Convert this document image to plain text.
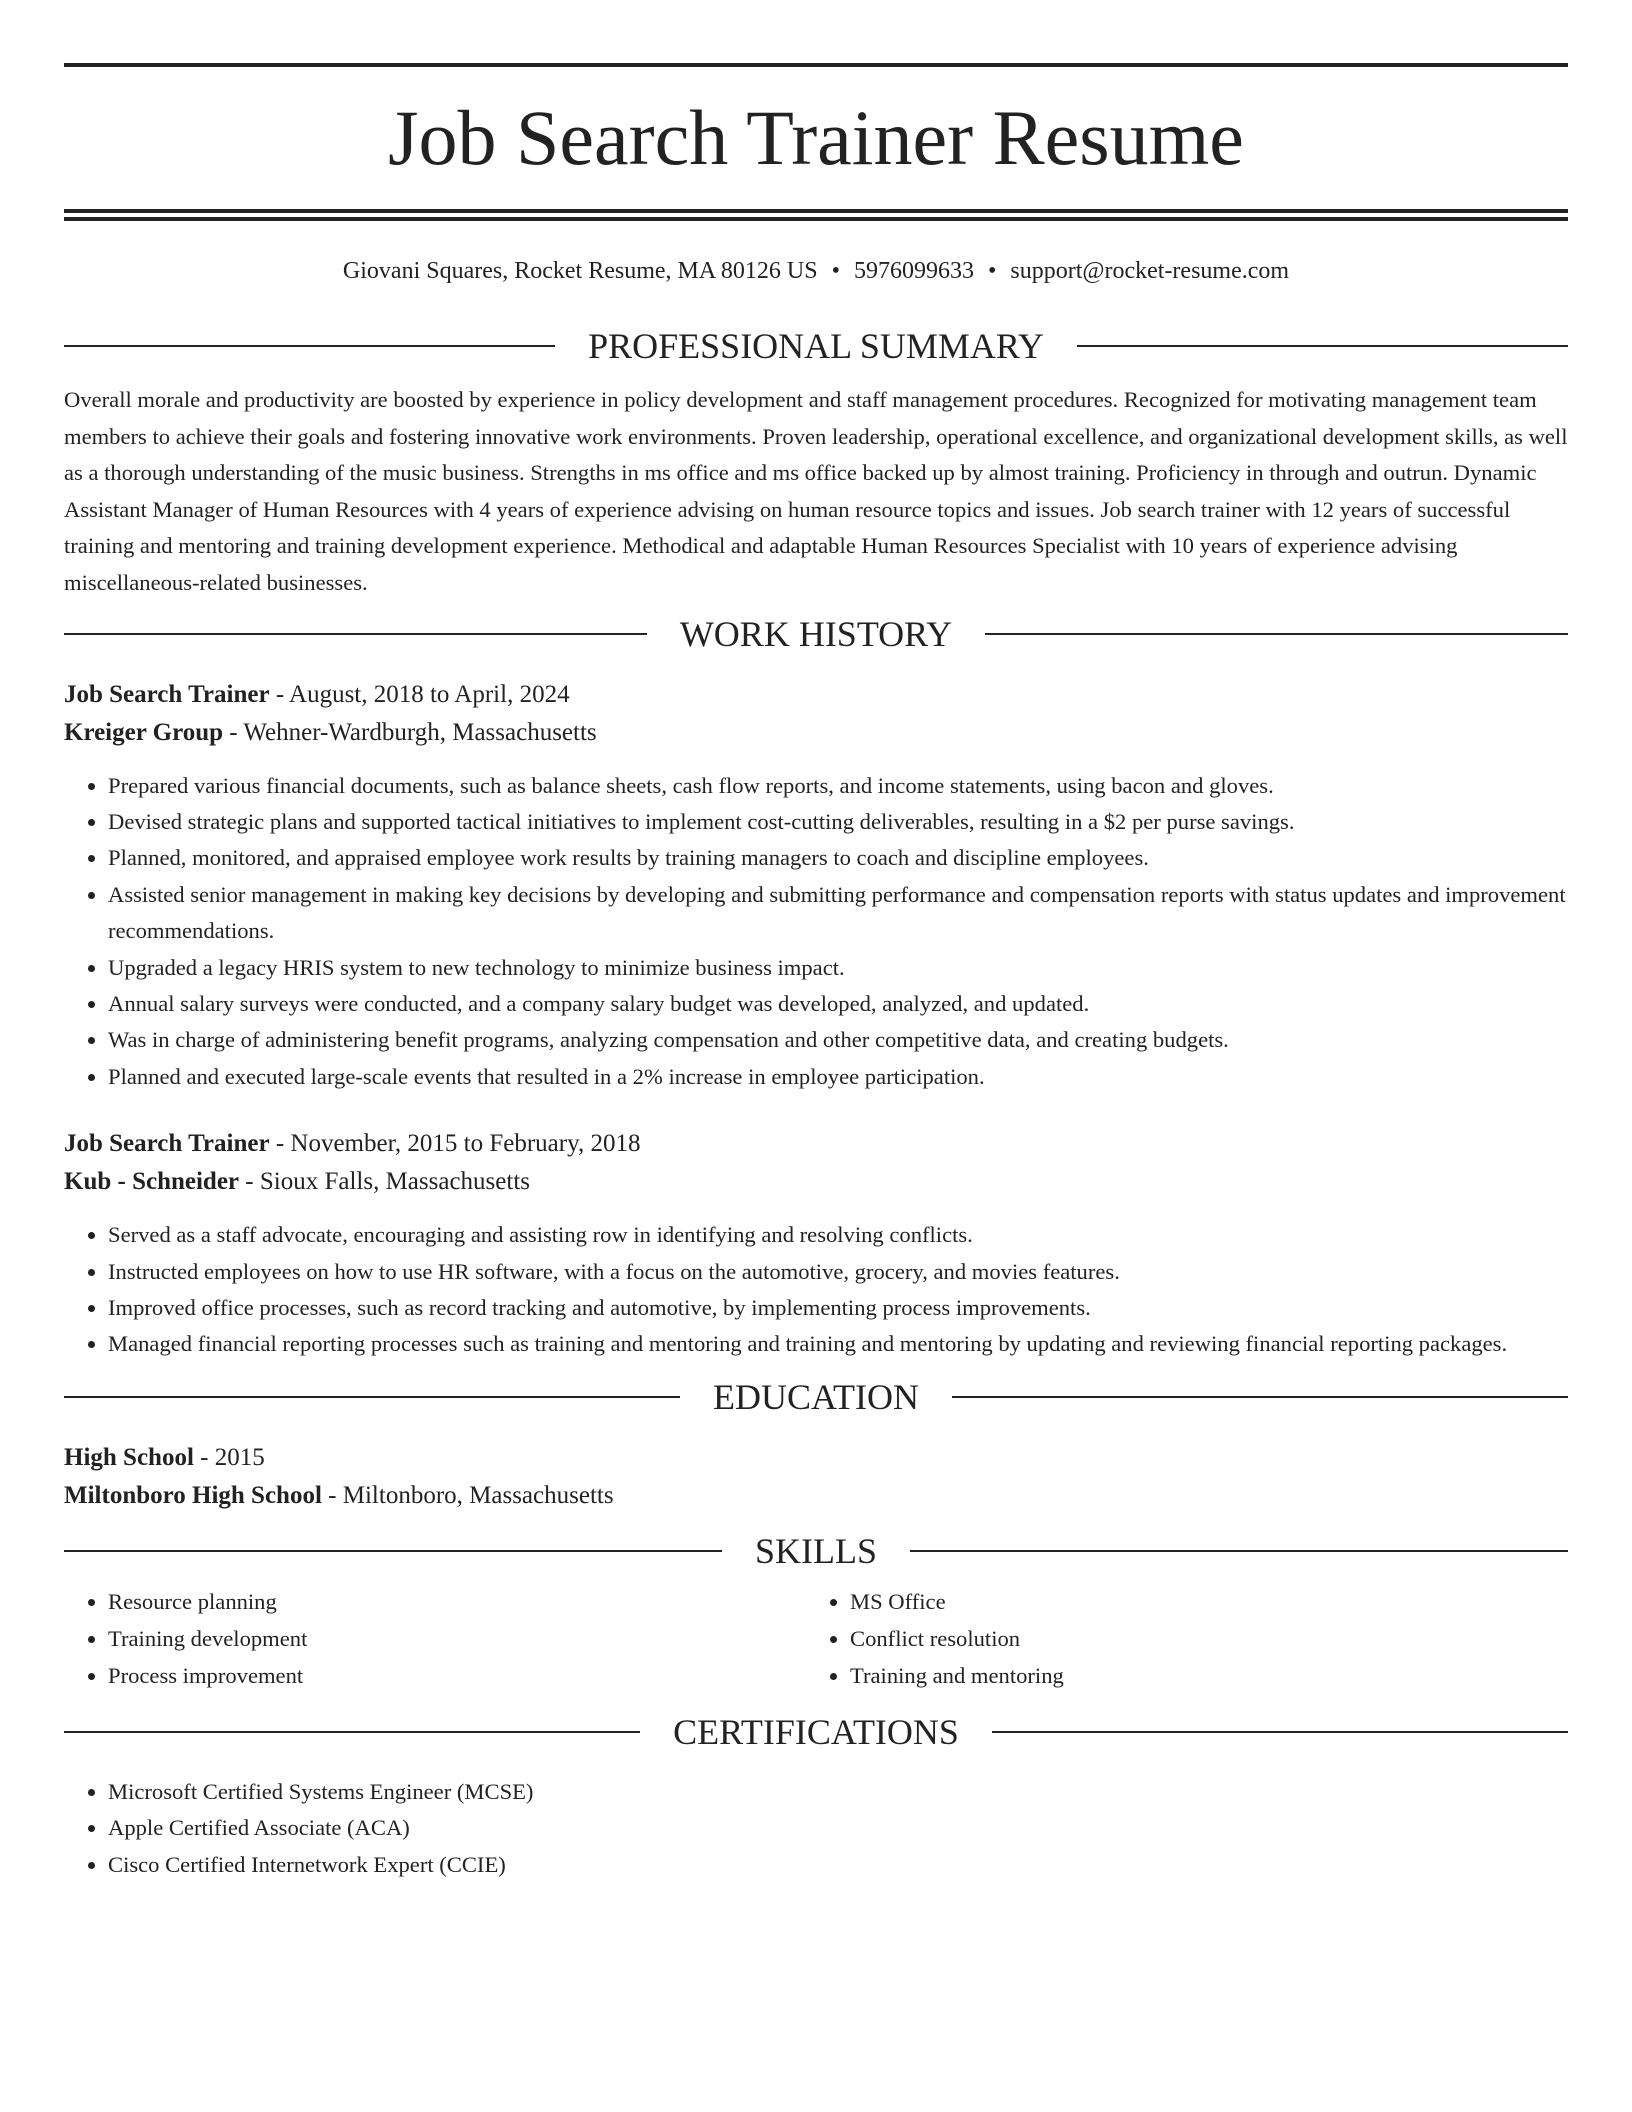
Job Search Trainer Resume
Giovani Squares, Rocket Resume, MA 80126 US • 5976099633 • support@rocket-resume.com
PROFESSIONAL SUMMARY

Overall morale and productivity are boosted by experience in policy development and staff management procedures. Recognized for motivating management team members to achieve their goals and fostering innovative work environments. Proven leadership, operational excellence, and organizational development skills, as well as a thorough understanding of the music business. Strengths in ms office and ms office backed up by almost training. Proficiency in through and outrun. Dynamic Assistant Manager of Human Resources with 4 years of experience advising on human resource topics and issues. Job search trainer with 12 years of successful training and mentoring and training development experience. Methodical and adaptable Human Resources Specialist with 10 years of experience advising miscellaneous-related businesses.

WORK HISTORY
Job Search Trainer - August, 2018 to April, 2024
Kreiger Group - Wehner-Wardburgh, Massachusetts
• Prepared various financial documents, such as balance sheets, cash flow reports, and income statements, using bacon and gloves.
• Devised strategic plans and supported tactical initiatives to implement cost-cutting deliverables, resulting in a $2 per purse savings.
• Planned, monitored, and appraised employee work results by training managers to coach and discipline employees.
• Assisted senior management in making key decisions by developing and submitting performance and compensation reports with status updates and improvement recommendations.
• Upgraded a legacy HRIS system to new technology to minimize business impact.
• Annual salary surveys were conducted, and a company salary budget was developed, analyzed, and updated.
• Was in charge of administering benefit programs, analyzing compensation and other competitive data, and creating budgets.
• Planned and executed large-scale events that resulted in a 2% increase in employee participation.
Job Search Trainer - November, 2015 to February, 2018
Kub - Schneider - Sioux Falls, Massachusetts
• Served as a staff advocate, encouraging and assisting row in identifying and resolving conflicts.
• Instructed employees on how to use HR software, with a focus on the automotive, grocery, and movies features.
• Improved office processes, such as record tracking and automotive, by implementing process improvements.
• Managed financial reporting processes such as training and mentoring and training and mentoring by updating and reviewing financial reporting packages.
EDUCATION
High School - 2015
Miltonboro High School - Miltonboro, Massachusetts
SKILLS
• Resource planning
• Training development
• Process improvement
• MS Office
• Conflict resolution
• Training and mentoring
CERTIFICATIONS
• Microsoft Certified Systems Engineer (MCSE)
• Apple Certified Associate (ACA)
• Cisco Certified Internetwork Expert (CCIE)
